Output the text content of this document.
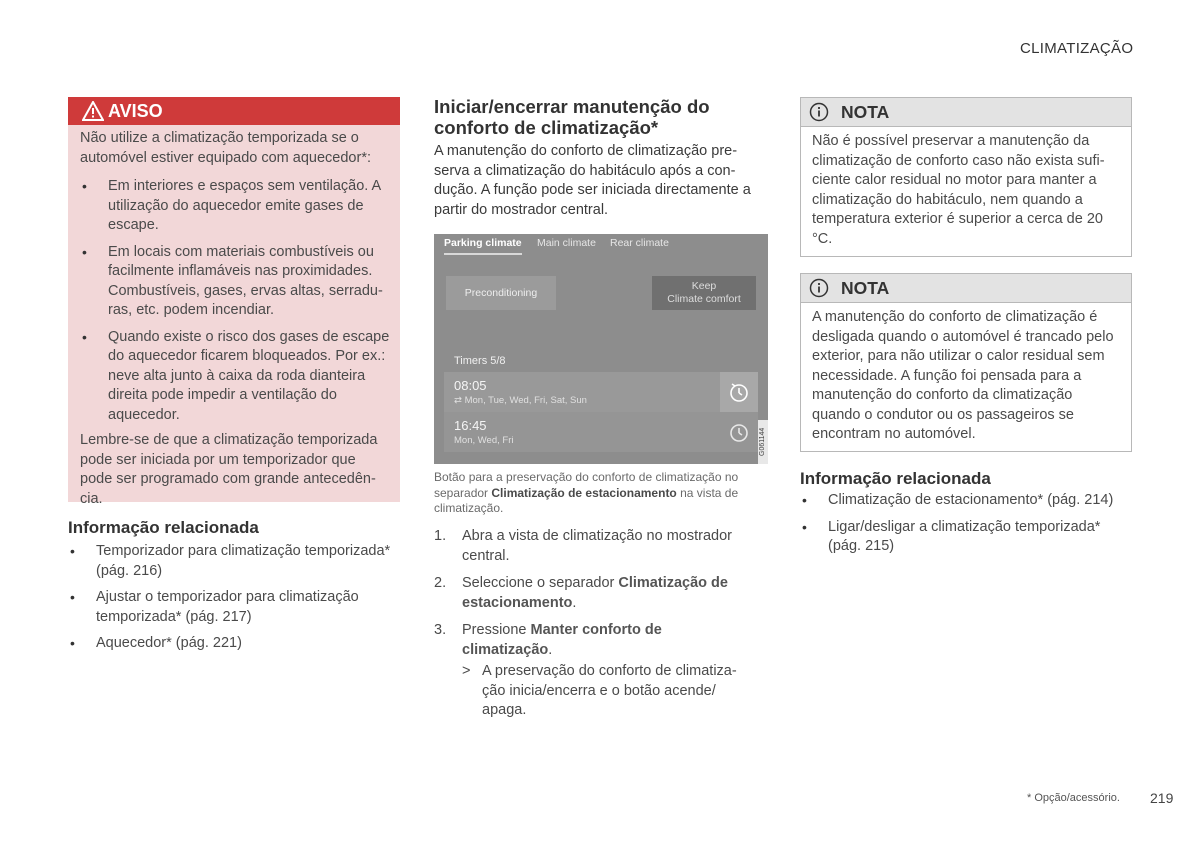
CLIMATIZAÇÃO
AVISO

Não utilize a climatização temporizada se o automóvel estiver equipado com aquecedor*:

• Em interiores e espaços sem ventilação. A utilização do aquecedor emite gases de escape.
• Em locais com materiais combustíveis ou facilmente inflamáveis nas proximidades. Combustíveis, gases, ervas altas, serraduras, etc. podem incendiar.
• Quando existe o risco dos gases de escape do aquecedor ficarem bloqueados. Por ex.: neve alta junto à caixa da roda dianteira direita pode impedir a ventilação do aquecedor.

Lembre-se de que a climatização temporizada pode ser iniciada por um temporizador que pode ser programado com grande antecedência.

Informação relacionada
• Temporizador para climatização temporizada* (pág. 216)
• Ajustar o temporizador para climatização temporizada* (pág. 217)
• Aquecedor* (pág. 221)
Iniciar/encerrar manutenção do conforto de climatização*
A manutenção do conforto de climatização preserva a climatização do habitáculo após a condução. A função pode ser iniciada directamente a partir do mostrador central.
Parking climate Main climate Rear climate
Preconditioning
Keep
Climate comfort
Timers 5/8
08:05
⇄ Mon, Tue, Wed, Fri, Sat, Sun
16:45
Mon, Wed, Fri	G061144
Botão para a preservação do conforto de climatização no separador Climatização de estacionamento na vista de climatização.
1. Abra a vista de climatização no mostrador central.
2. Seleccione o separador Climatização de estacionamento.
3. Pressione Manter conforto de climatização.
> A preservação do conforto de climatização inicia/encerra e o botão acende/ apaga.
NOTA
Não é possível preservar a manutenção da climatização de conforto caso não exista suficiente calor residual no motor para manter a climatização do habitáculo, nem quando a temperatura exterior é superior a cerca de 20 °C.
NOTA
A manutenção do conforto de climatização é desligada quando o automóvel é trancado pelo exterior, para não utilizar o calor residual sem necessidade. A função foi pensada para a manutenção do conforto da climatização quando o condutor ou os passageiros se encontram no automóvel.
Informação relacionada
• Climatização de estacionamento* (pág. 214)
• Ligar/desligar a climatização temporizada* (pág. 215)
* Opção/acessório. 219
